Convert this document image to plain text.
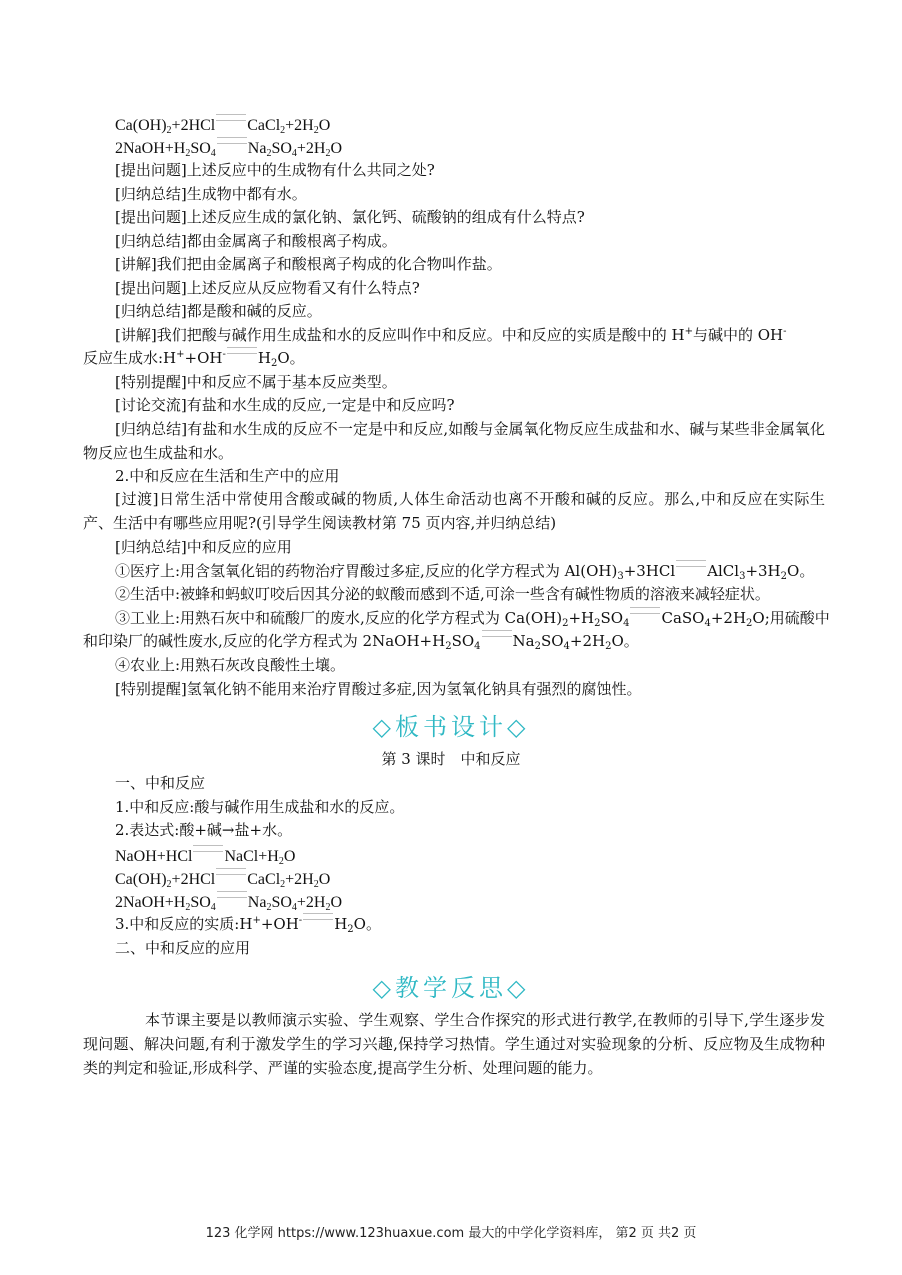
$Ca(OH)_2+2HCl$ $CaCl_2+2H_2O$
$2NaOH+H_2SO_4$ $Na_2SO_4+2H_2O$
[提出问题]上述反应中的生成物有什么共同之处?
[归纳总结]生成物中都有水。
[提出问题]上述反应生成的氯化钠、氯化钙、硫酸钠的组成有什么特点?
[归纳总结]都由金属离子和酸根离子构成。
[讲解]我们把由金属离子和酸根离子构成的化合物叫作盐。
[提出问题]上述反应从反应物看又有什么特点?
[归纳总结]都是酸和碱的反应。
[讲解]我们把酸与碱作用生成盐和水的反应叫作中和反应。中和反应的实质是酸中的 H+与碱中的 OH-
反应生成水:H++OH- $H_2O$。
[特别提醒]中和反应不属于基本反应类型。
[讨论交流]有盐和水生成的反应,一定是中和反应吗?
[归纳总结]有盐和水生成的反应不一定是中和反应,如酸与金属氧化物反应生成盐和水、碱与某些非金属氧化物反应也生成盐和水。
2.中和反应在生活和生产中的应用
[过渡]日常生活中常使用含酸或碱的物质,人体生命活动也离不开酸和碱的反应。那么,中和反应在实际生产、生活中有哪些应用呢?(引导学生阅读教材第 75 页内容,并归纳总结)
[归纳总结]中和反应的应用
①医疗上:用含氢氧化铝的药物治疗胃酸过多症,反应的化学方程式为 $Al(OH)_3+3HCl$ $AlCl_3+3H_2O$。
②生活中:被蜂和蚂蚁叮咬后因其分泌的蚁酸而感到不适,可涂一些含有碱性物质的溶液来减轻症状。
③工业上:用熟石灰中和硫酸厂的废水,反应的化学方程式为 $Ca(OH)_2+H_2SO_4$ $CaSO_4+2H_2O$;用硫酸中
和印染厂的碱性废水,反应的化学方程式为 $2NaOH+H_2SO_4$ $Na_2SO_4+2H_2O$。
④农业上:用熟石灰改良酸性土壤。
[特别提醒]氢氧化钠不能用来治疗胃酸过多症,因为氢氧化钠具有强烈的腐蚀性。
◇板书设计◇
第 3 课时　中和反应
一、中和反应
1.中和反应:酸与碱作用生成盐和水的反应。
2.表达式:酸+碱→盐+水。
NaOH+HCl $NaCl+H_2O$
$Ca(OH)_2+2HCl$ $CaCl_2+2H_2O$
$2NaOH+H_2SO_4$ $Na_2SO_4+2H_2O$
3.中和反应的实质:H++OH- $H_2O$。
二、中和反应的应用
◇教学反思◇
本节课主要是以教师演示实验、学生观察、学生合作探究的形式进行教学,在教师的引导下,学生逐步发现问题、解决问题,有利于激发学生的学习兴趣,保持学习热情。学生通过对实验现象的分析、反应物及生成物种类的判定和验证,形成科学、严谨的实验态度,提高学生分析、处理问题的能力。
123 化学网 https://www.123huaxue.com 最大的中学化学资料库， 第2 页 共2 页
